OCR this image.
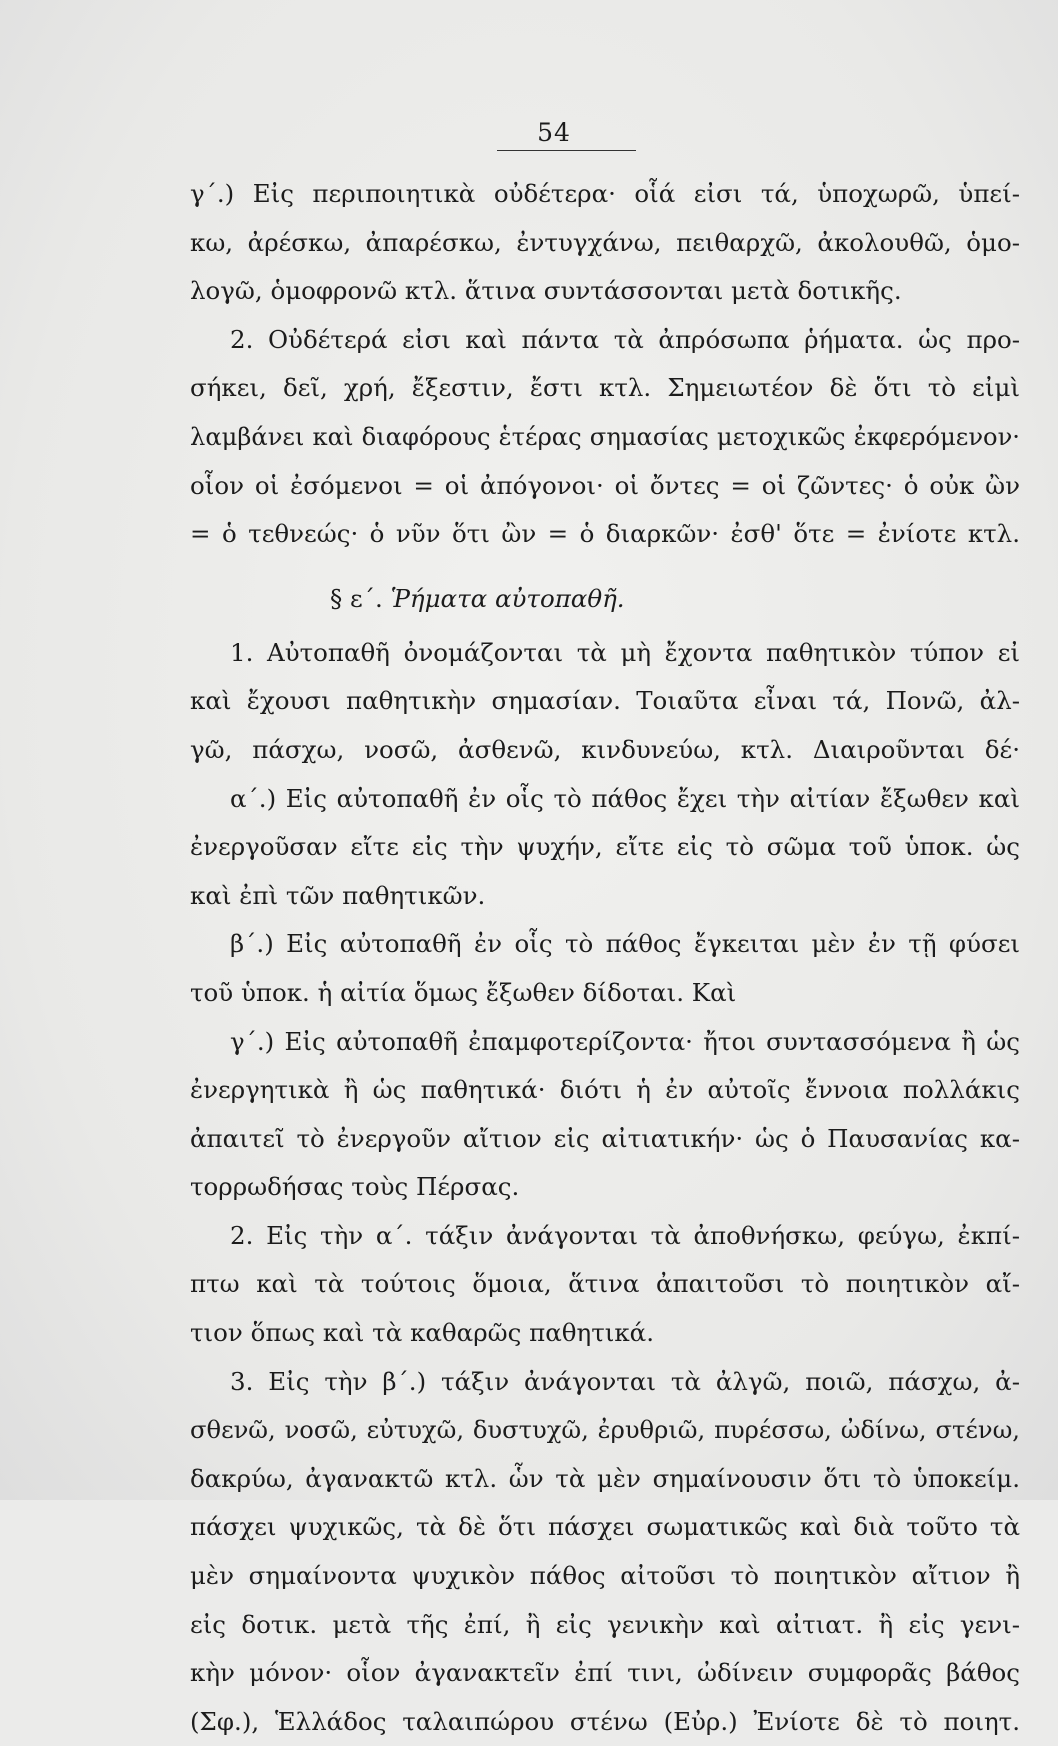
54
γ΄.) Εἰς περιποιητικὰ οὐδέτερα· οἷά εἰσι τά, ὑποχωρῶ, ὑπεί-
κω, ἀρέσκω, ἀπαρέσκω, ἐντυγχάνω, πειθαρχῶ, ἀκολουθῶ, ὁμο-
λογῶ, ὁμοφρονῶ κτλ. ἅτινα συντάσσονται μετὰ δοτικῆς.
2. Οὐδέτερά εἰσι καὶ πάντα τὰ ἀπρόσωπα ῥήματα. ὡς προ-
σήκει, δεῖ, χρή, ἔξεστιν, ἔστι κτλ. Σημειωτέον δὲ ὅτι τὸ εἰμὶ
λαμβάνει καὶ διαφόρους ἑτέρας σημασίας μετοχικῶς ἐκφερόμενον·
οἷον οἱ ἐσόμενοι = οἱ ἀπόγονοι· οἱ ὄντες = οἱ ζῶντες· ὁ οὐκ ὢν
= ὁ τεθνεώς· ὁ νῦν ὅτι ὢν = ὁ διαρκῶν· ἐσθ' ὅτε = ἐνίοτε κτλ.
§ ε΄. Ῥήματα αὐτοπαθῆ.
1. Αὐτοπαθῆ ὀνομάζονται τὰ μὴ ἔχοντα παθητικὸν τύπον εἰ
καὶ ἔχουσι παθητικὴν σημασίαν. Τοιαῦτα εἶναι τά, Πονῶ, ἀλ-
γῶ, πάσχω, νοσῶ, ἀσθενῶ, κινδυνεύω, κτλ. Διαιροῦνται δέ·
α΄.) Εἰς αὐτοπαθῆ ἐν οἷς τὸ πάθος ἔχει τὴν αἰτίαν ἔξωθεν καὶ
ἐνεργοῦσαν εἴτε εἰς τὴν ψυχήν, εἴτε εἰς τὸ σῶμα τοῦ ὑποκ. ὡς
καὶ ἐπὶ τῶν παθητικῶν.
β΄.) Εἰς αὐτοπαθῆ ἐν οἷς τὸ πάθος ἔγκειται μὲν ἐν τῇ φύσει
τοῦ ὑποκ. ἡ αἰτία ὅμως ἔξωθεν δίδοται. Καὶ
γ΄.) Εἰς αὐτοπαθῆ ἐπαμφοτερίζοντα· ἤτοι συντασσόμενα ἢ ὡς
ἐνεργητικὰ ἢ ὡς παθητικά· διότι ἡ ἐν αὐτοῖς ἔννοια πολλάκις
ἀπαιτεῖ τὸ ἐνεργοῦν αἴτιον εἰς αἰτιατικήν· ὡς ὁ Παυσανίας κα-
τορρωδήσας τοὺς Πέρσας.
2. Εἰς τὴν α΄. τάξιν ἀνάγονται τὰ ἀποθνήσκω, φεύγω, ἐκπί-
πτω καὶ τὰ τούτοις ὅμοια, ἅτινα ἀπαιτοῦσι τὸ ποιητικὸν αἴ-
τιον ὅπως καὶ τὰ καθαρῶς παθητικά.
3. Εἰς τὴν β΄.) τάξιν ἀνάγονται τὰ ἀλγῶ, ποιῶ, πάσχω, ἀ-
σθενῶ, νοσῶ, εὐτυχῶ, δυστυχῶ, ἐρυθριῶ, πυρέσσω, ὠδίνω, στένω,
δακρύω, ἀγανακτῶ κτλ. ὧν τὰ μὲν σημαίνουσιν ὅτι τὸ ὑποκείμ.
πάσχει ψυχικῶς, τὰ δὲ ὅτι πάσχει σωματικῶς καὶ διὰ τοῦτο τὰ
μὲν σημαίνοντα ψυχικὸν πάθος αἰτοῦσι τὸ ποιητικὸν αἴτιον ἢ
εἰς δοτικ. μετὰ τῆς ἐπί, ἢ εἰς γενικὴν καὶ αἰτιατ. ἢ εἰς γενι-
κὴν μόνον· οἷον ἀγανακτεῖν ἐπί τινι, ὠδίνειν συμφορᾶς βάθος
(Σφ.), Ἑλλάδος ταλαιπώρου στένω (Εὐρ.) Ἐνίοτε δὲ τὸ ποιητ.
